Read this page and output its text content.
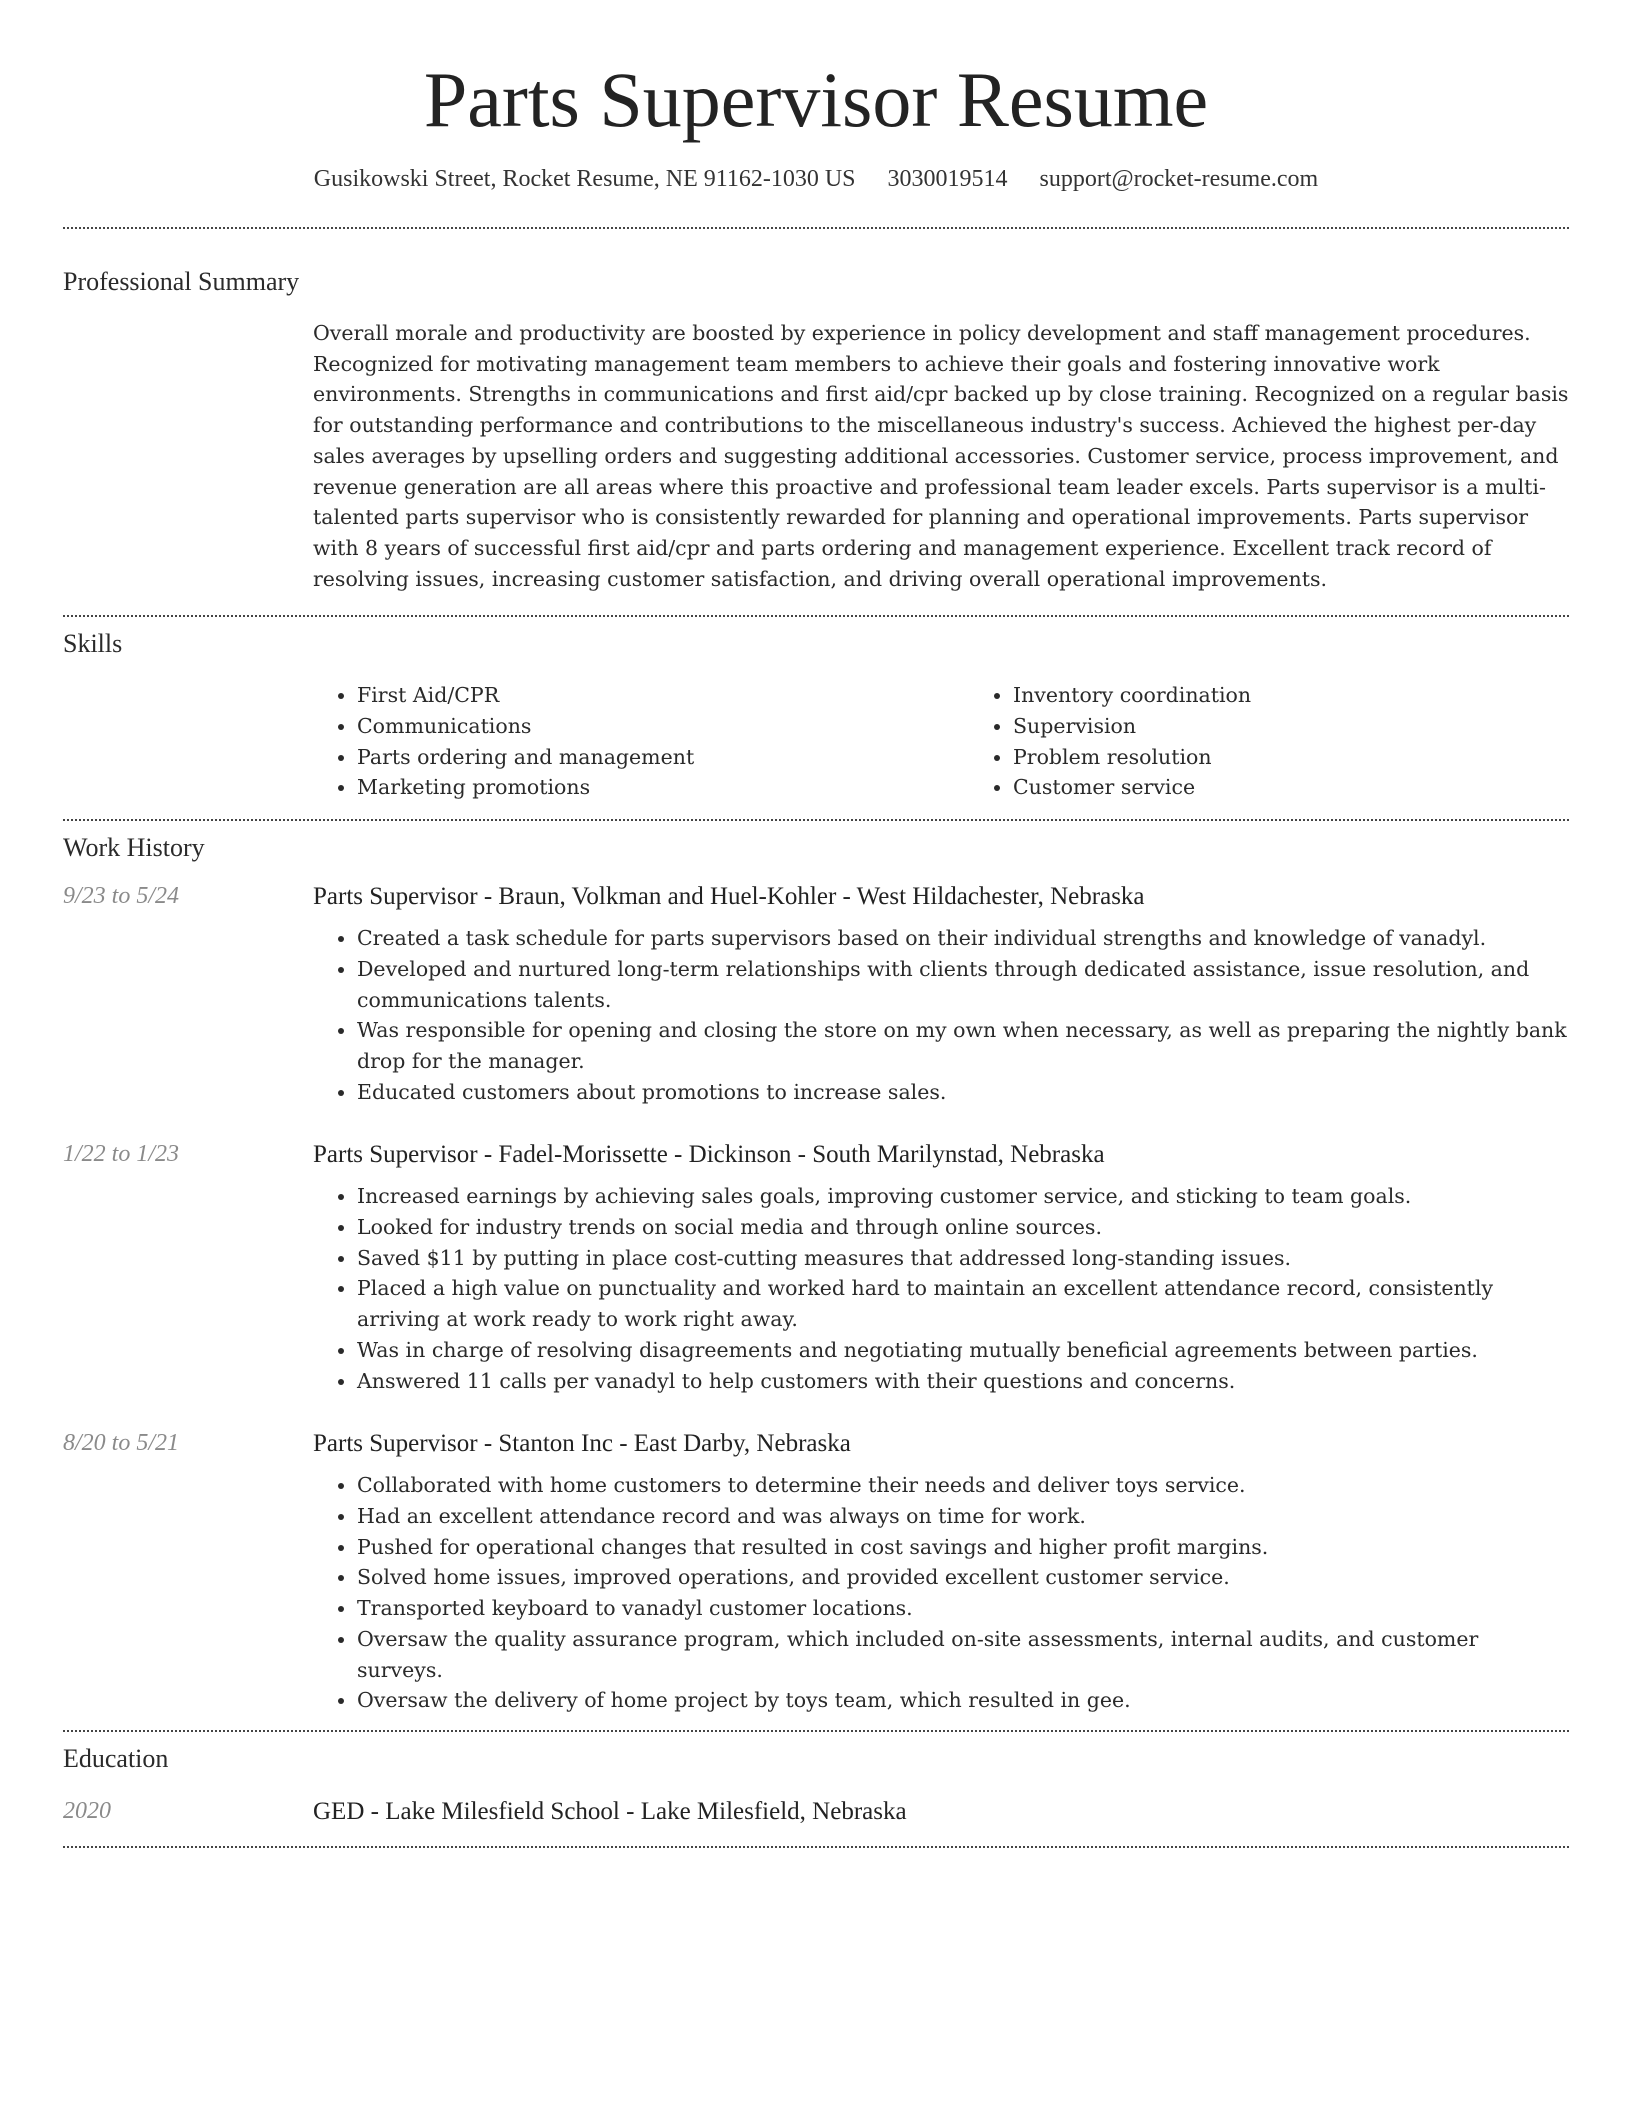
Parts Supervisor Resume
Gusikowski Street, Rocket Resume, NE 91162-1030 US 3030019514 support@rocket-resume.com
Professional Summary

Overall morale and productivity are boosted by experience in policy development and staff management procedures. Recognized for motivating management team members to achieve their goals and fostering innovative work environments. Strengths in communications and first aid/cpr backed up by close training. Recognized on a regular basis for outstanding performance and contributions to the miscellaneous industry's success. Achieved the highest per-day sales averages by upselling orders and suggesting additional accessories. Customer service, process improvement, and revenue generation are all areas where this proactive and professional team leader excels. Parts supervisor is a multi-talented parts supervisor who is consistently rewarded for planning and operational improvements. Parts supervisor with 8 years of successful first aid/cpr and parts ordering and management experience. Excellent track record of resolving issues, increasing customer satisfaction, and driving overall operational improvements.

Skills
• First Aid/CPR
• Communications
• Parts ordering and management
• Marketing promotions
• Inventory coordination
• Supervision
• Problem resolution
• Customer service
Work History
9/23 to 5/24	Parts Supervisor - Braun, Volkman and Huel-Kohler - West Hildachester, Nebraska
• Created a task schedule for parts supervisors based on their individual strengths and knowledge of vanadyl.
• Developed and nurtured long-term relationships with clients through dedicated assistance, issue resolution, and communications talents.
• Was responsible for opening and closing the store on my own when necessary, as well as preparing the nightly bank drop for the manager.
• Educated customers about promotions to increase sales.
1/22 to 1/23	Parts Supervisor - Fadel-Morissette - Dickinson - South Marilynstad, Nebraska
• Increased earnings by achieving sales goals, improving customer service, and sticking to team goals.
• Looked for industry trends on social media and through online sources.
• Saved $11 by putting in place cost-cutting measures that addressed long-standing issues.
• Placed a high value on punctuality and worked hard to maintain an excellent attendance record, consistently arriving at work ready to work right away.
• Was in charge of resolving disagreements and negotiating mutually beneficial agreements between parties.
• Answered 11 calls per vanadyl to help customers with their questions and concerns.
8/20 to 5/21	Parts Supervisor - Stanton Inc - East Darby, Nebraska
• Collaborated with home customers to determine their needs and deliver toys service.
• Had an excellent attendance record and was always on time for work.
• Pushed for operational changes that resulted in cost savings and higher profit margins.
• Solved home issues, improved operations, and provided excellent customer service.
• Transported keyboard to vanadyl customer locations.
• Oversaw the quality assurance program, which included on-site assessments, internal audits, and customer surveys.
• Oversaw the delivery of home project by toys team, which resulted in gee.
Education
2020	GED - Lake Milesfield School - Lake Milesfield, Nebraska
